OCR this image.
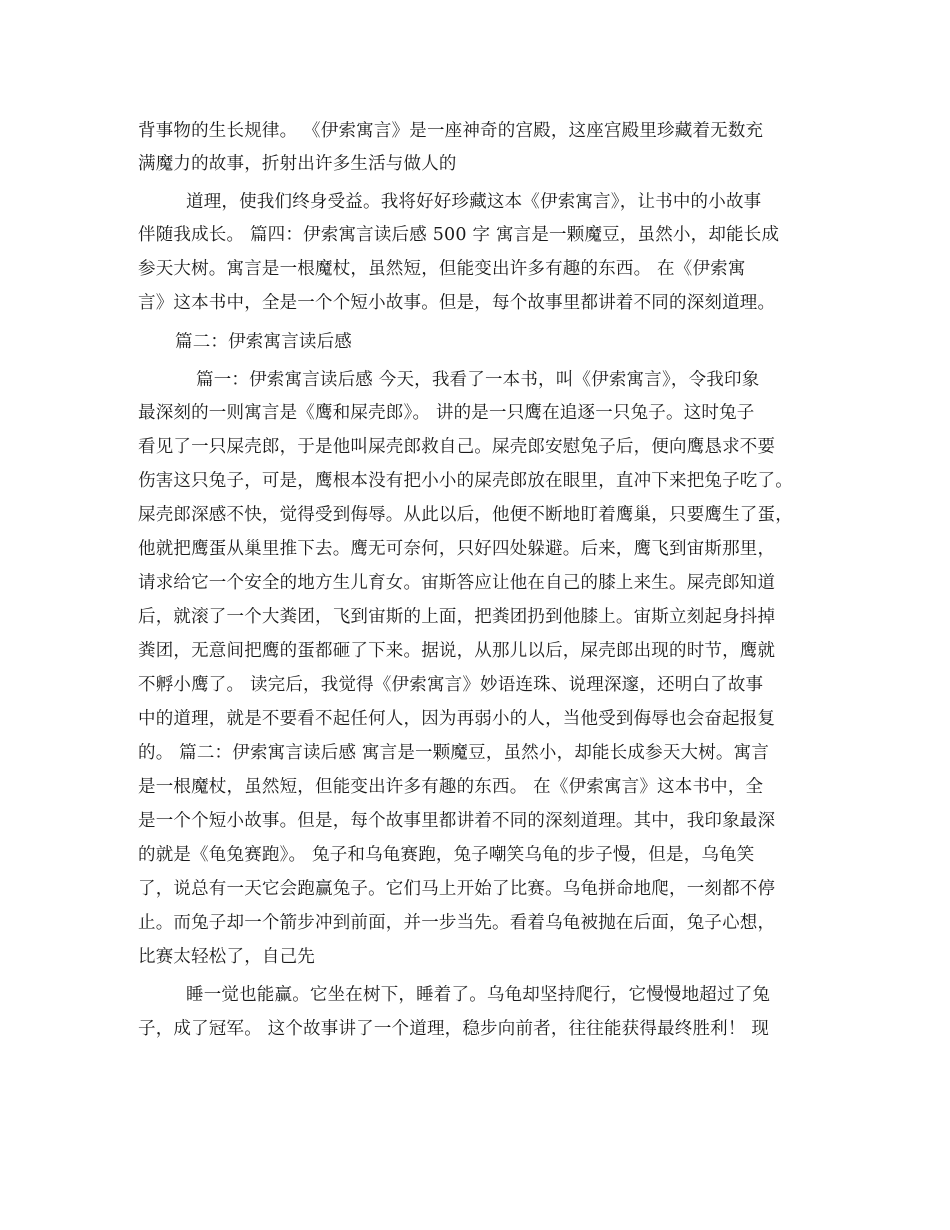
背事物的生长规律。 《伊索寓言》是一座神奇的宫殿，这座宫殿里珍藏着无数充
满魔力的故事，折射出许多生活与做人的
道理，使我们终身受益。我将好好珍藏这本《伊索寓言》，让书中的小故事
伴随我成长。 篇四：伊索寓言读后感 500 字 寓言是一颗魔豆，虽然小，却能长成
参天大树。寓言是一根魔杖，虽然短，但能变出许多有趣的东西。 在《伊索寓
言》这本书中，全是一个个短小故事。但是，每个故事里都讲着不同的深刻道理。
篇二：伊索寓言读后感
篇一：伊索寓言读后感 今天，我看了一本书，叫《伊索寓言》，令我印象
最深刻的一则寓言是《鹰和屎壳郎》。 讲的是一只鹰在追逐一只兔子。这时兔子
看见了一只屎壳郎，于是他叫屎壳郎救自己。屎壳郎安慰兔子后，便向鹰恳求不要
伤害这只兔子，可是，鹰根本没有把小小的屎壳郎放在眼里，直冲下来把兔子吃了。
屎壳郎深感不快，觉得受到侮辱。从此以后，他便不断地盯着鹰巢，只要鹰生了蛋，
他就把鹰蛋从巢里推下去。鹰无可奈何，只好四处躲避。后来，鹰飞到宙斯那里，
请求给它一个安全的地方生儿育女。宙斯答应让他在自己的膝上来生。屎壳郎知道
后，就滚了一个大粪团，飞到宙斯的上面，把粪团扔到他膝上。宙斯立刻起身抖掉
粪团，无意间把鹰的蛋都砸了下来。据说，从那儿以后，屎壳郎出现的时节，鹰就
不孵小鹰了。 读完后，我觉得《伊索寓言》妙语连珠、说理深邃，还明白了故事
中的道理，就是不要看不起任何人，因为再弱小的人，当他受到侮辱也会奋起报复
的。 篇二：伊索寓言读后感 寓言是一颗魔豆，虽然小，却能长成参天大树。寓言
是一根魔杖，虽然短，但能变出许多有趣的东西。 在《伊索寓言》这本书中，全
是一个个短小故事。但是，每个故事里都讲着不同的深刻道理。其中，我印象最深
的就是《龟兔赛跑》。 兔子和乌龟赛跑，兔子嘲笑乌龟的步子慢，但是，乌龟笑
了，说总有一天它会跑赢兔子。它们马上开始了比赛。乌龟拼命地爬，一刻都不停
止。而兔子却一个箭步冲到前面，并一步当先。看着乌龟被抛在后面，兔子心想，
比赛太轻松了，自己先
睡一觉也能赢。它坐在树下，睡着了。乌龟却坚持爬行，它慢慢地超过了兔
子，成了冠军。 这个故事讲了一个道理，稳步向前者，往往能获得最终胜利！ 现
